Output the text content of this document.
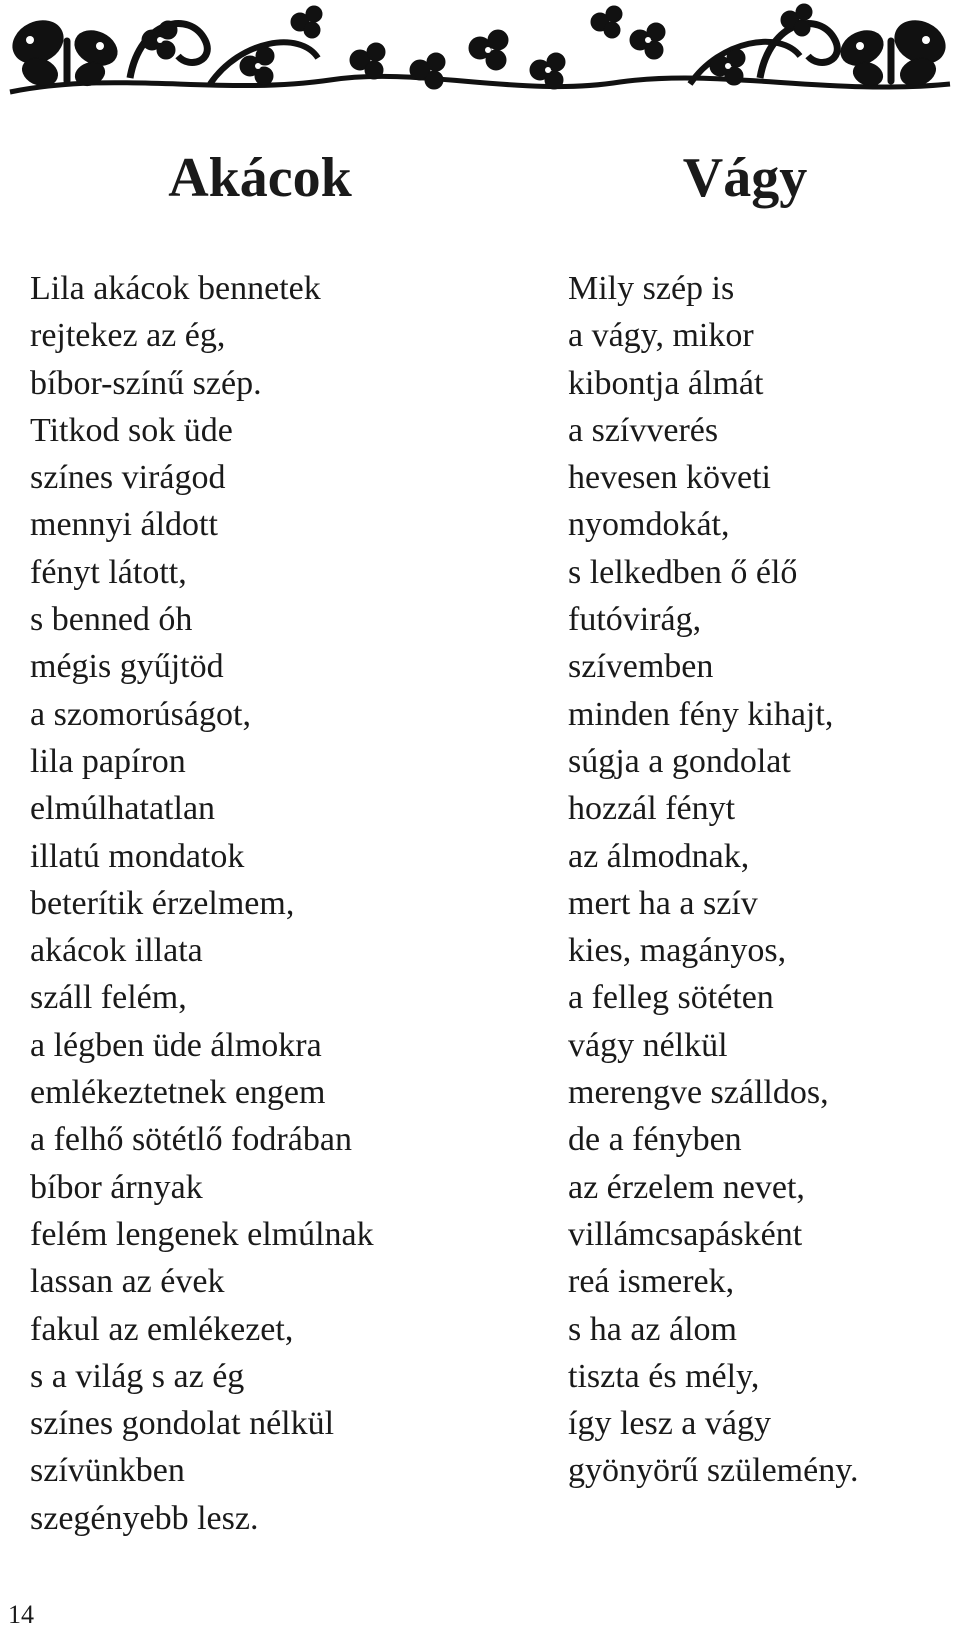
Akácok	Vágy
Lila akácok bennetek
rejtekez az ég,
bíbor-színű szép.
Titkod sok üde
színes virágod
mennyi áldott
fényt látott,
s benned óh
mégis gyűjtöd
a szomorúságot,
lila papíron
elmúlhatatlan
illatú mondatok
beterítik érzelmem,
akácok illata
száll felém,
a légben üde álmokra
emlékeztetnek engem
a felhő sötétlő fodrában
bíbor árnyak
felém lengenek elmúlnak
lassan az évek
fakul az emlékezet,
s a világ s az ég
színes gondolat nélkül
szívünkben
szegényebb lesz.
Mily szép is
a vágy, mikor
kibontja álmát
a szívverés
hevesen követi
nyomdokát,
s lelkedben ő élő
futóvirág,
szívemben
minden fény kihajt,
súgja a gondolat
hozzál fényt
az álmodnak,
mert ha a szív
kies, magányos,
a felleg sötéten
vágy nélkül
merengve szálldos,
de a fényben
az érzelem nevet,
villámcsapásként
reá ismerek,
s ha az álom
tiszta és mély,
így lesz a vágy
gyönyörű szülemény.
14
